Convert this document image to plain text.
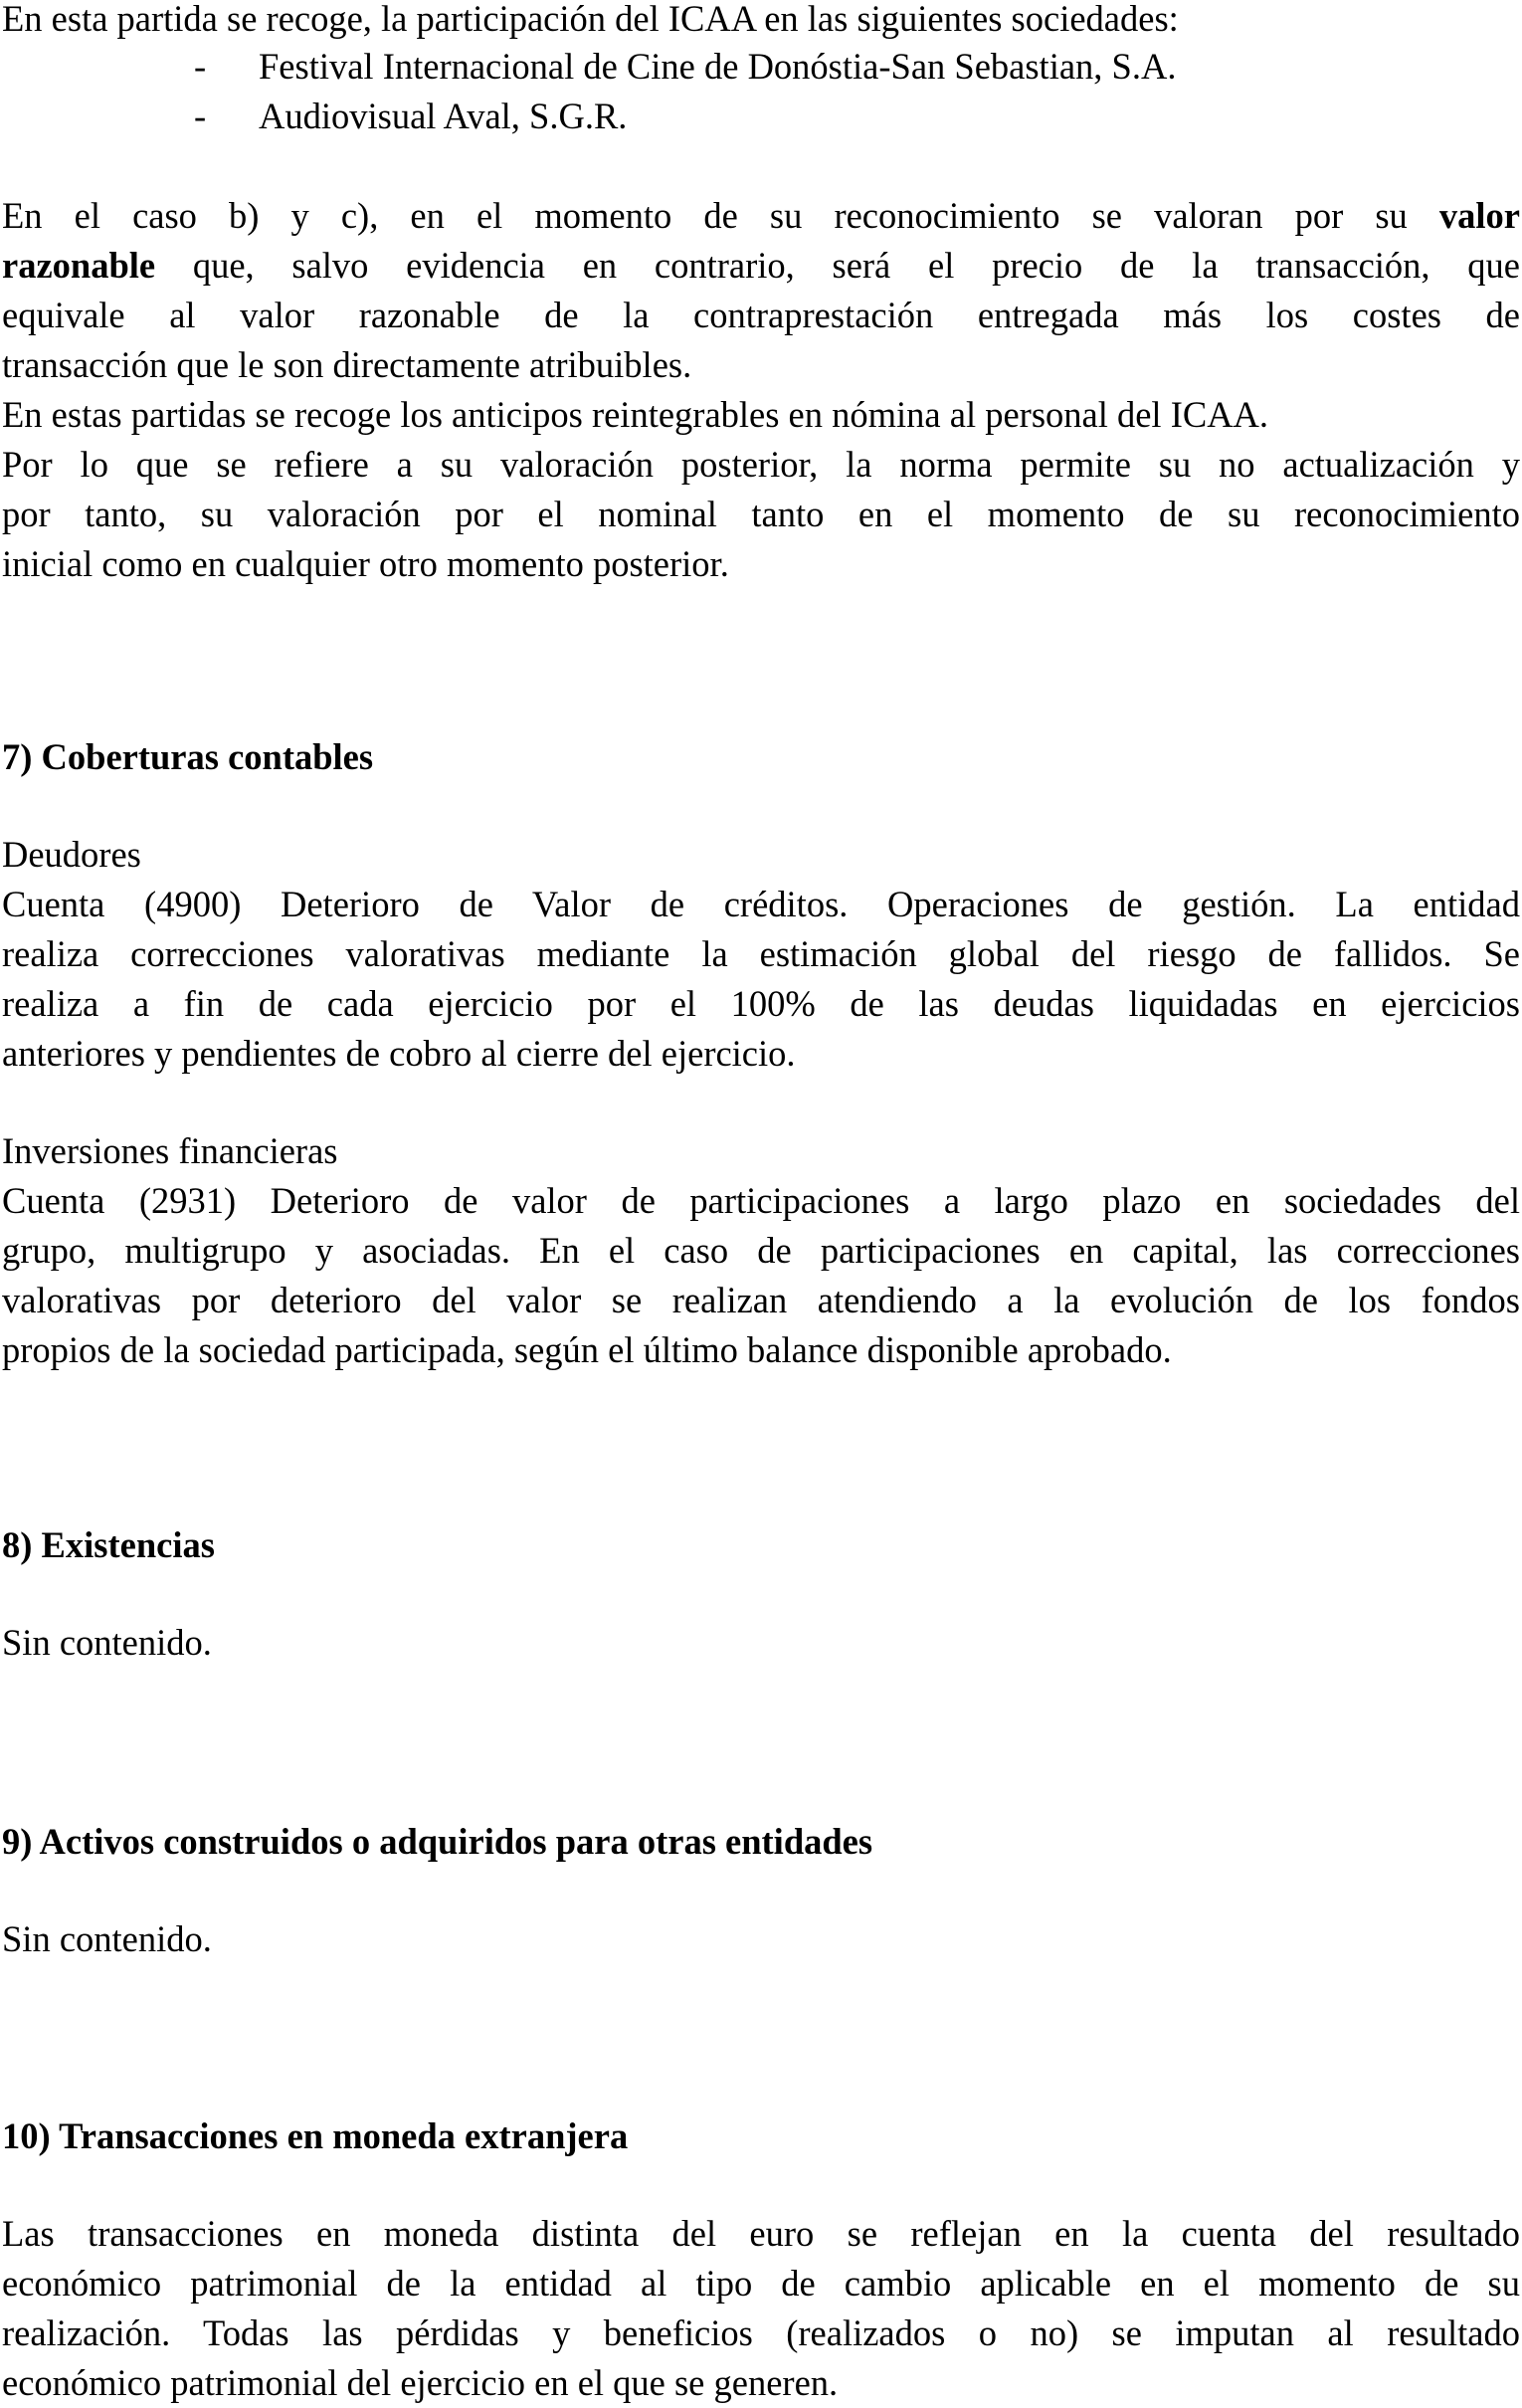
En esta partida se recoge, la participación del ICAA en las siguientes sociedades:
- Festival Internacional de Cine de Donóstia-San Sebastian, S.A.
- Audiovisual Aval, S.G.R.
En el caso b) y c), en el momento de su reconocimiento se valoran por su valor
razonable que, salvo evidencia en contrario, será el precio de la transacción, que
equivale al valor razonable de la contraprestación entregada más los costes de
transacción que le son directamente atribuibles.
En estas partidas se recoge los anticipos reintegrables en nómina al personal del ICAA.
Por lo que se refiere a su valoración posterior, la norma permite su no actualización y
por tanto, su valoración por el nominal tanto en el momento de su reconocimiento
inicial como en cualquier otro momento posterior.
7) Coberturas contables
Deudores
Cuenta (4900) Deterioro de Valor de créditos. Operaciones de gestión. La entidad
realiza correcciones valorativas mediante la estimación global del riesgo de fallidos. Se
realiza a fin de cada ejercicio por el 100% de las deudas liquidadas en ejercicios
anteriores y pendientes de cobro al cierre del ejercicio.
Inversiones financieras
Cuenta (2931) Deterioro de valor de participaciones a largo plazo en sociedades del
grupo, multigrupo y asociadas. En el caso de participaciones en capital, las correcciones
valorativas por deterioro del valor se realizan atendiendo a la evolución de los fondos
propios de la sociedad participada, según el último balance disponible aprobado.
8) Existencias
Sin contenido.
9) Activos construidos o adquiridos para otras entidades
Sin contenido.
10) Transacciones en moneda extranjera
Las transacciones en moneda distinta del euro se reflejan en la cuenta del resultado
económico patrimonial de la entidad al tipo de cambio aplicable en el momento de su
realización. Todas las pérdidas y beneficios (realizados o no) se imputan al resultado
económico patrimonial del ejercicio en el que se generen.
